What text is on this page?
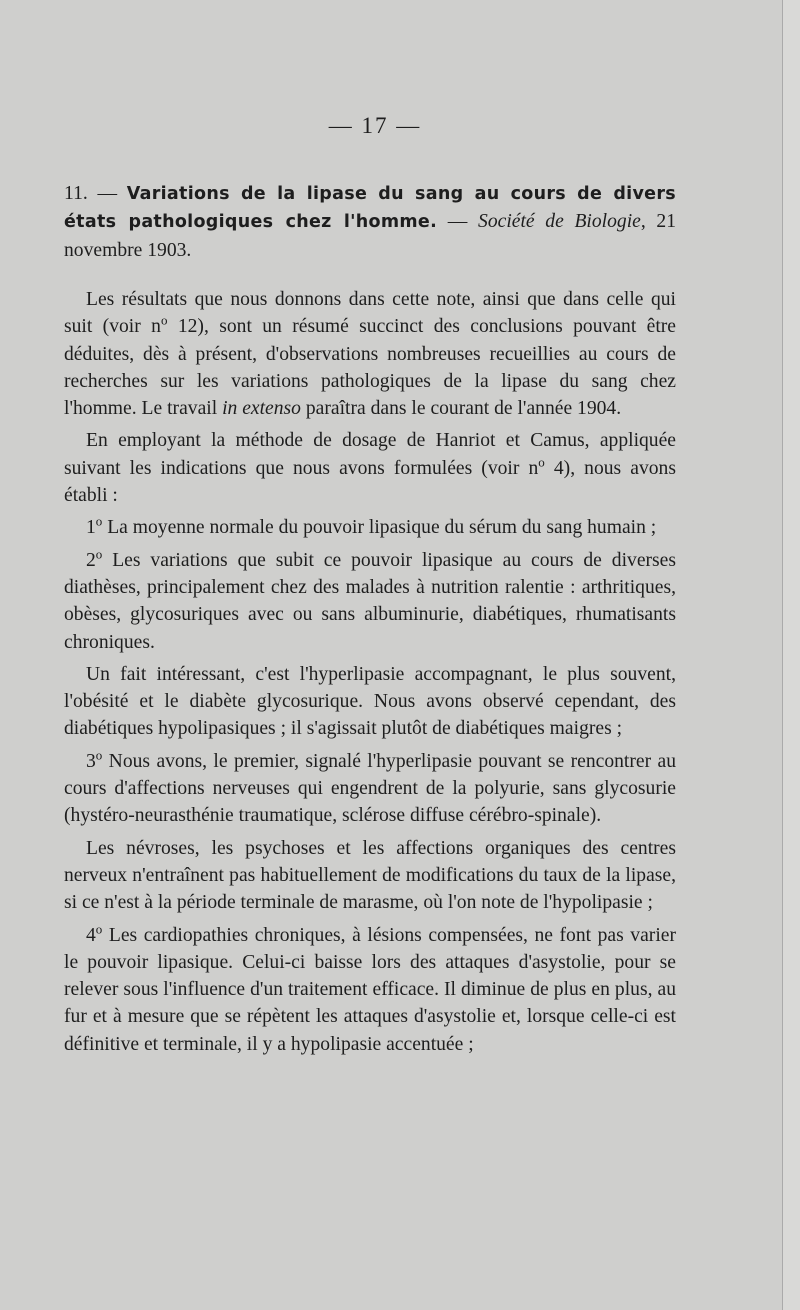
— 17 —
11. — Variations de la lipase du sang au cours de divers états pathologiques chez l'homme. — Société de Biologie, 21 novembre 1903.

Les résultats que nous donnons dans cette note, ainsi que dans celle qui suit (voir $n^o$ 12), sont un résumé succinct des conclusions pouvant être déduites, dès à présent, d'observations nombreuses recueillies au cours de recherches sur les variations pathologiques de la lipase du sang chez l'homme. Le travail in extenso paraîtra dans le courant de l'année 1904.

En employant la méthode de dosage de Hanriot et Camus, appliquée suivant les indications que nous avons formulées (voir $n^o$ 4), nous avons établi :

1$^o$ La moyenne normale du pouvoir lipasique du sérum du sang humain ;

2$^o$ Les variations que subit ce pouvoir lipasique au cours de diverses diathèses, principalement chez des malades à nutrition ralentie : arthritiques, obèses, glycosuriques avec ou sans albuminurie, diabétiques, rhumatisants chroniques.

Un fait intéressant, c'est l'hyperlipasie accompagnant, le plus souvent, l'obésité et le diabète glycosurique. Nous avons observé cependant, des diabétiques hypolipasiques ; il s'agissait plutôt de diabétiques maigres ;

3$^o$ Nous avons, le premier, signalé l'hyperlipasie pouvant se rencontrer au cours d'affections nerveuses qui engendrent de la polyurie, sans glycosurie (hystéro-neurasthénie traumatique, sclérose diffuse cérébro-spinale).

Les névroses, les psychoses et les affections organiques des centres nerveux n'entraînent pas habituellement de modifications du taux de la lipase, si ce n'est à la période terminale de marasme, où l'on note de l'hypolipasie ;

4$^o$ Les cardiopathies chroniques, à lésions compensées, ne font pas varier le pouvoir lipasique. Celui-ci baisse lors des attaques d'asystolie, pour se relever sous l'influence d'un traitement efficace. Il diminue de plus en plus, au fur et à mesure que se répètent les attaques d'asystolie et, lorsque celle-ci est définitive et terminale, il y a hypolipasie accentuée ;
